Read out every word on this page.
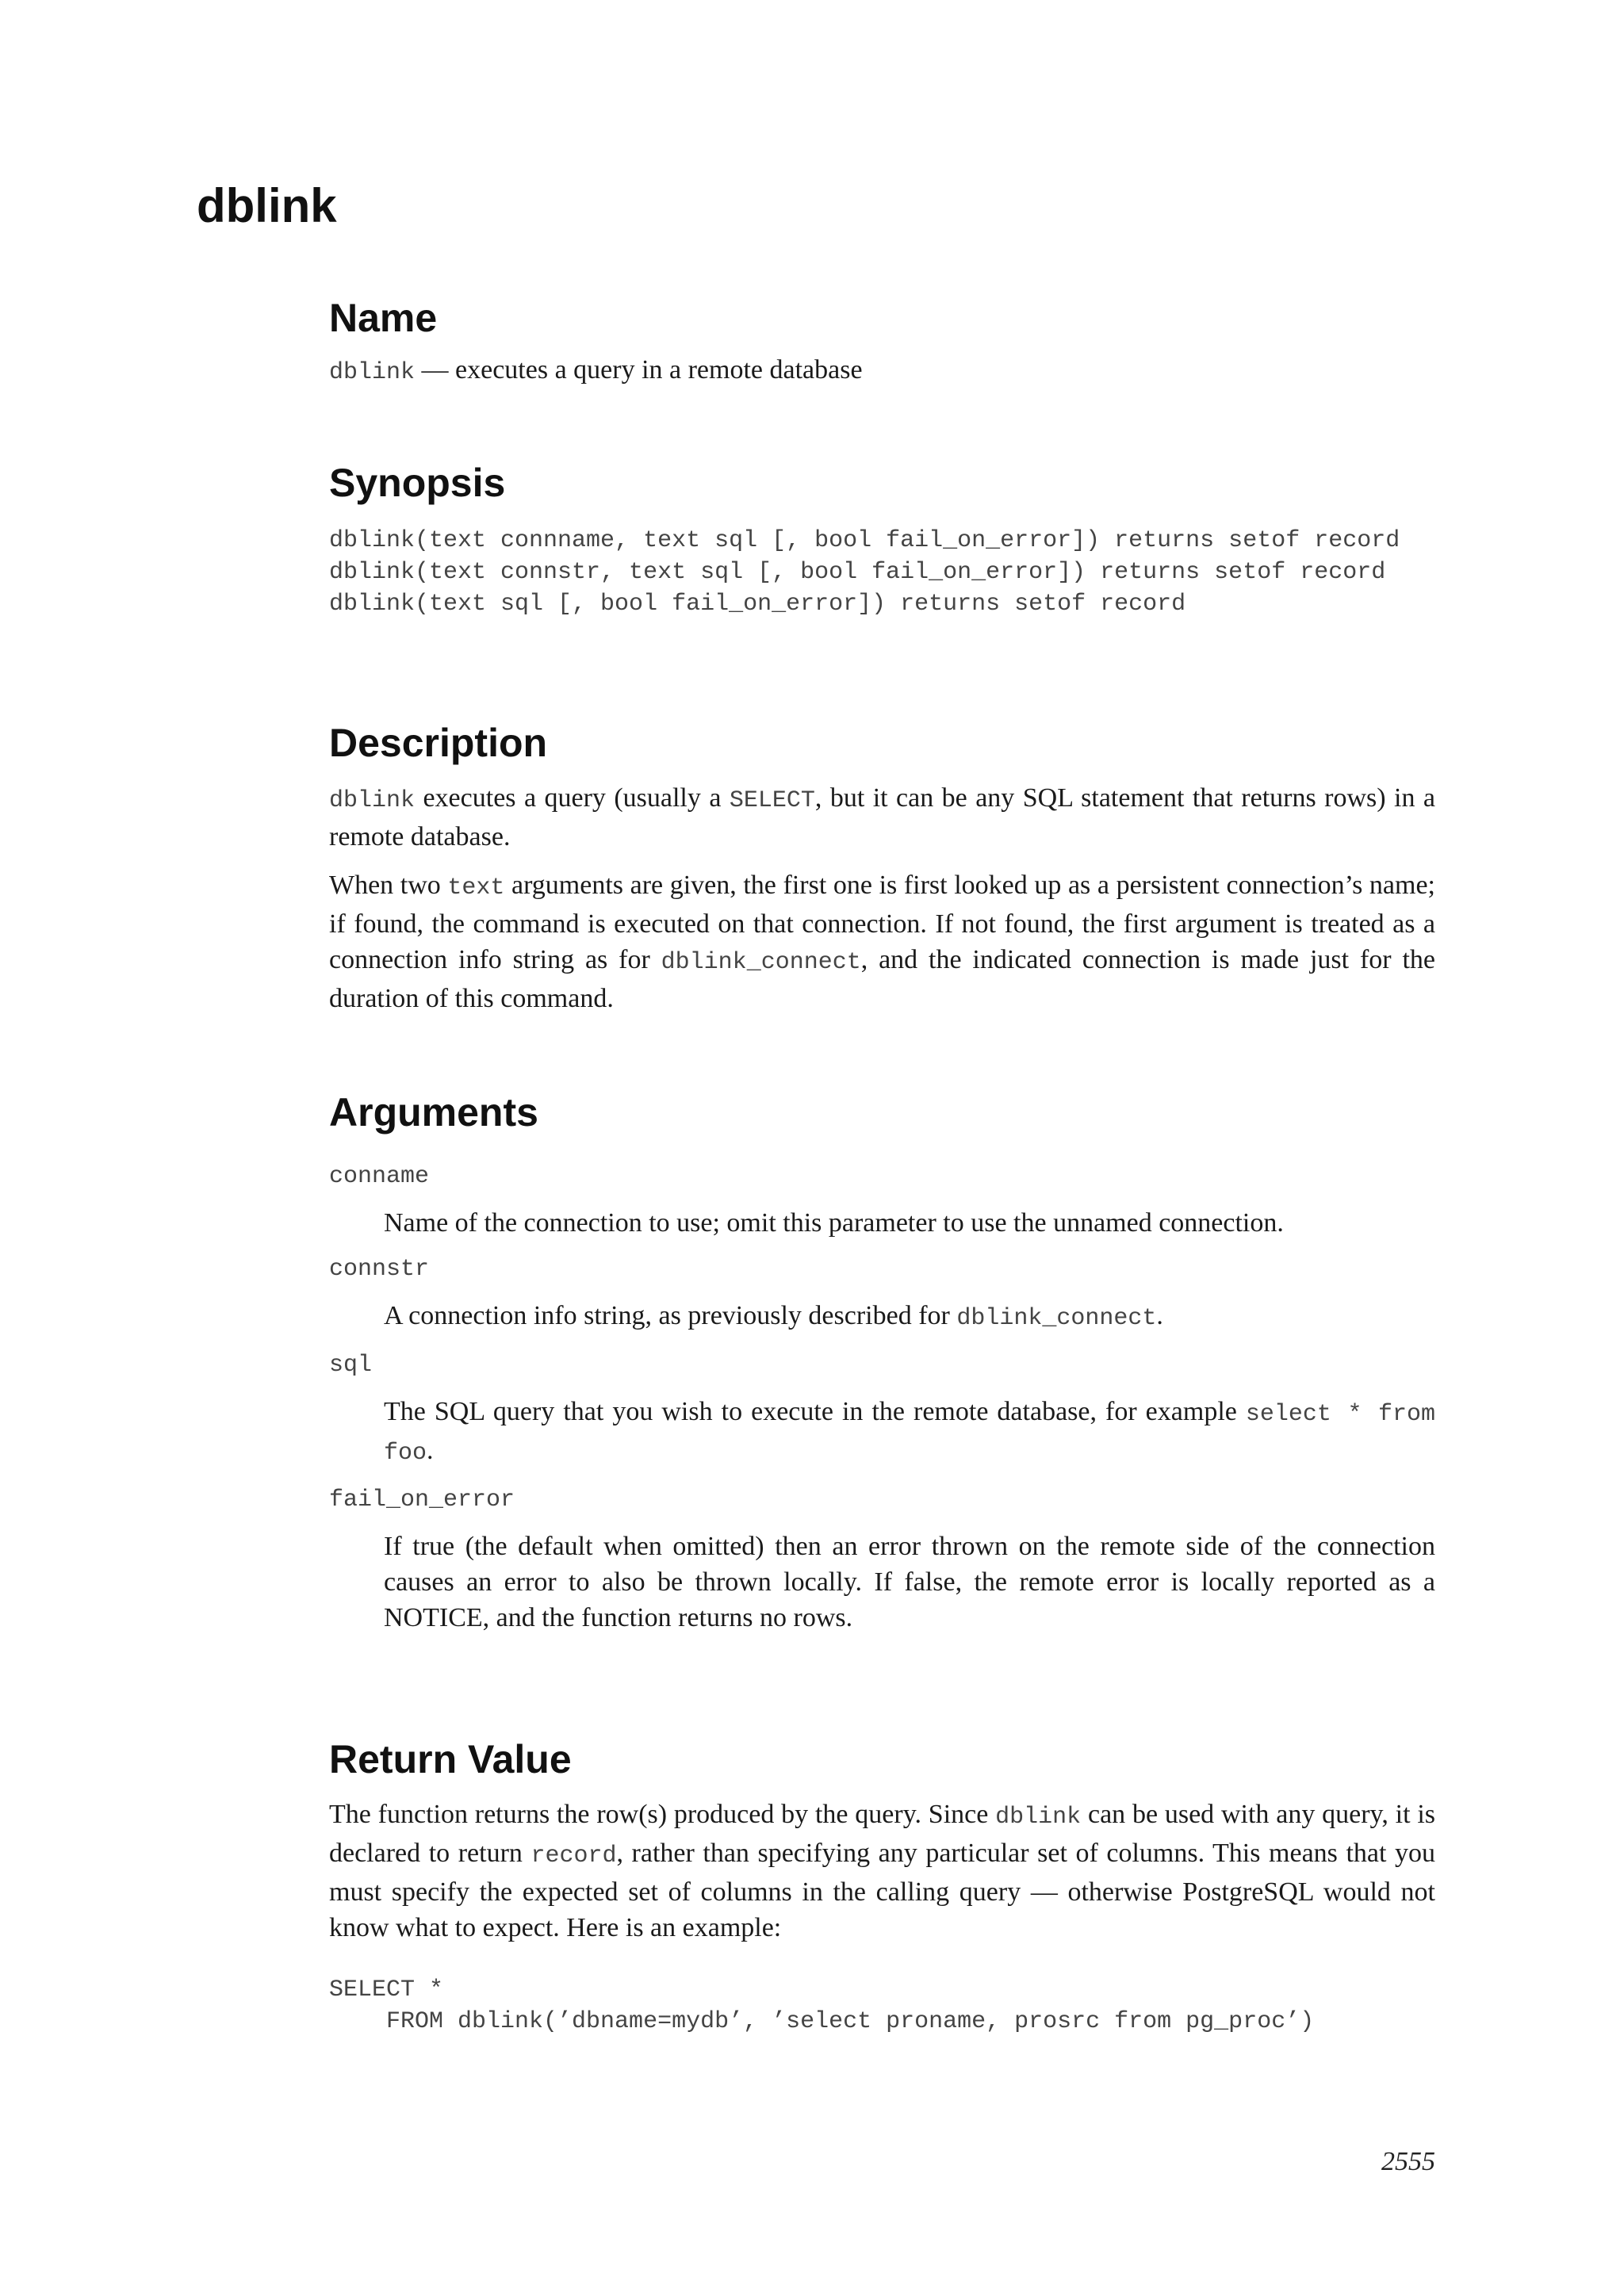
dblink
Name

dblink — executes a query in a remote database

Synopsis
dblink(text connname, text sql [, bool fail_on_error]) returns setof record
dblink(text connstr, text sql [, bool fail_on_error]) returns setof record
dblink(text sql [, bool fail_on_error]) returns setof record
Description

dblink executes a query (usually a SELECT, but it can be any SQL statement that returns rows) in a remote database.

When two text arguments are given, the first one is first looked up as a persistent connection’s name; if found, the command is executed on that connection. If not found, the first argument is treated as a connection info string as for dblink_connect, and the indicated connection is made just for the duration of this command.

Arguments
conname

Name of the connection to use; omit this parameter to use the unnamed connection.

connstr

A connection info string, as previously described for dblink_connect.

sql

The SQL query that you wish to execute in the remote database, for example select * from foo.

fail_on_error

If true (the default when omitted) then an error thrown on the remote side of the connection causes an error to also be thrown locally. If false, the remote error is locally reported as a NOTICE, and the function returns no rows.

Return Value

The function returns the row(s) produced by the query. Since dblink can be used with any query, it is declared to return record, rather than specifying any particular set of columns. This means that you must specify the expected set of columns in the calling query — otherwise PostgreSQL would not know what to expect. Here is an example:

SELECT *
FROM dblink(’dbname=mydb’, ’select proname, prosrc from pg_proc’)
2555
